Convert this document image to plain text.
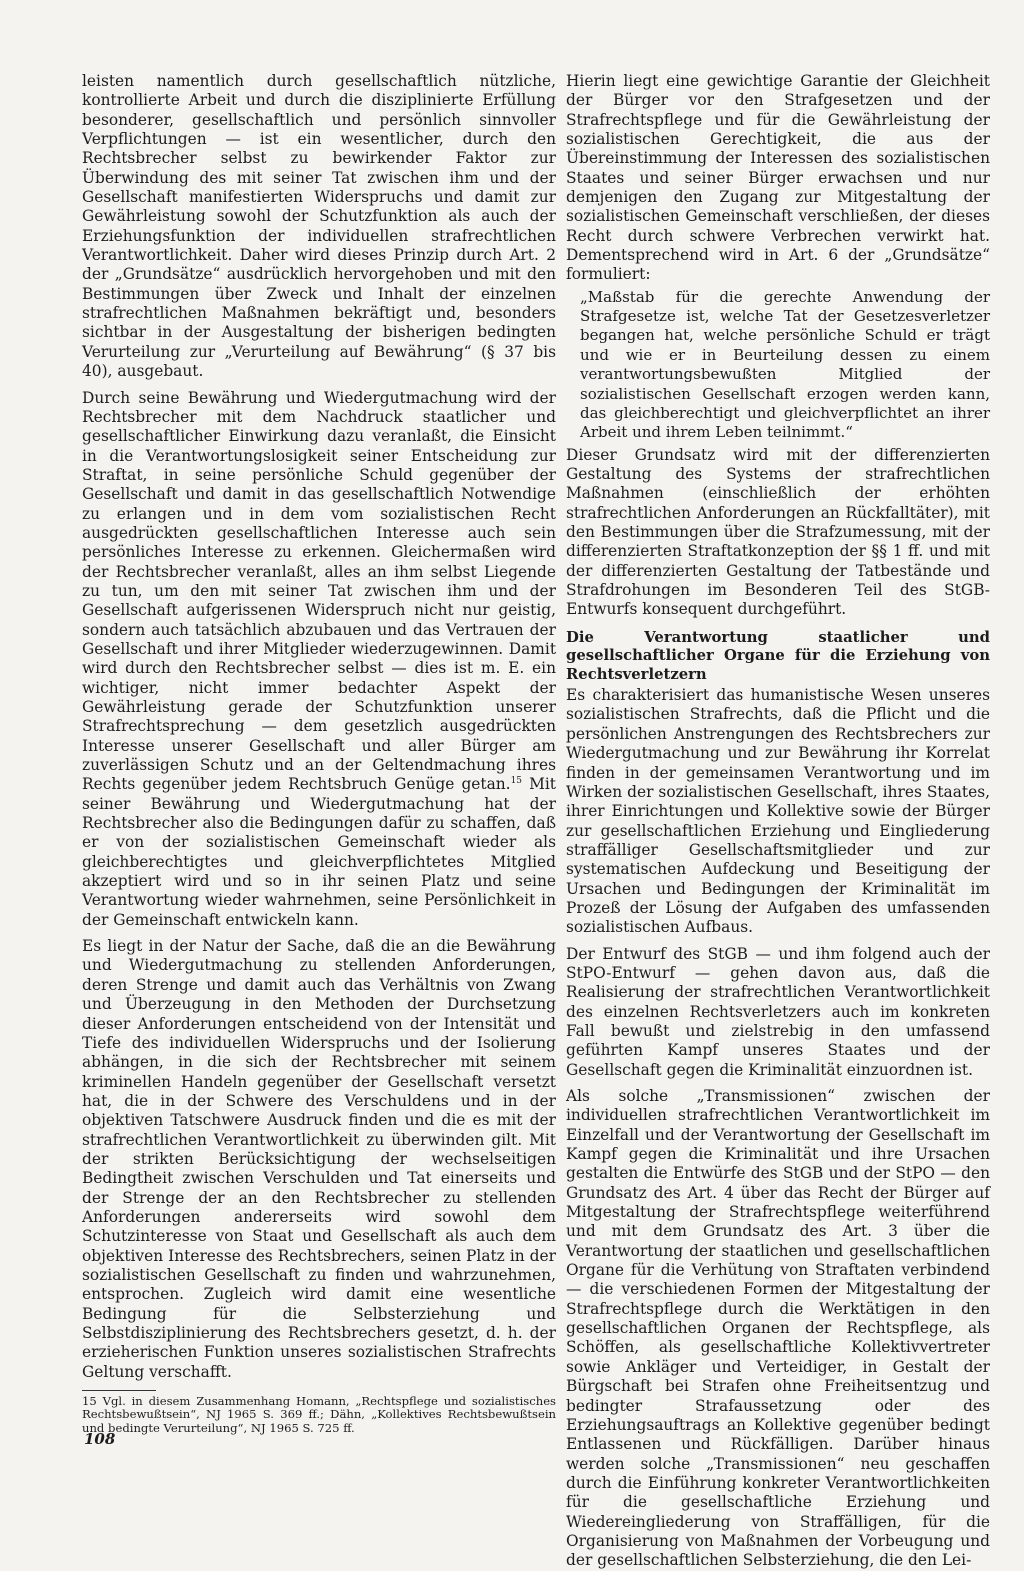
leisten namentlich durch gesellschaftlich nützliche, kontrollierte Arbeit und durch die disziplinierte Erfüllung besonderer, gesellschaftlich und persönlich sinnvoller Verpflichtungen — ist ein wesentlicher, durch den Rechtsbrecher selbst zu bewirkender Faktor zur Überwindung des mit seiner Tat zwischen ihm und der Gesellschaft manifestierten Widerspruchs und damit zur Gewährleistung sowohl der Schutzfunktion als auch der Erziehungsfunktion der individuellen strafrechtlichen Verantwortlichkeit. Daher wird dieses Prinzip durch Art. 2 der „Grundsätze“ ausdrücklich hervorgehoben und mit den Bestimmungen über Zweck und Inhalt der einzelnen strafrechtlichen Maßnahmen bekräftigt und, besonders sichtbar in der Ausgestaltung der bisherigen bedingten Verurteilung zur „Verurteilung auf Bewährung“ (§ 37 bis 40), ausgebaut.

Durch seine Bewährung und Wiedergutmachung wird der Rechtsbrecher mit dem Nachdruck staatlicher und gesellschaftlicher Einwirkung dazu veranlaßt, die Einsicht in die Verantwortungslosigkeit seiner Entscheidung zur Straftat, in seine persönliche Schuld gegenüber der Gesellschaft und damit in das gesellschaftlich Notwendige zu erlangen und in dem vom sozialistischen Recht ausgedrückten gesellschaftlichen Interesse auch sein persönliches Interesse zu erkennen. Gleichermaßen wird der Rechtsbrecher veranlaßt, alles an ihm selbst Liegende zu tun, um den mit seiner Tat zwischen ihm und der Gesellschaft aufgerissenen Widerspruch nicht nur geistig, sondern auch tatsächlich abzubauen und das Vertrauen der Gesellschaft und ihrer Mitglieder wiederzugewinnen. Damit wird durch den Rechtsbrecher selbst — dies ist m. E. ein wichtiger, nicht immer bedachter Aspekt der Gewährleistung gerade der Schutzfunktion unserer Strafrechtsprechung — dem gesetzlich ausgedrückten Interesse unserer Gesellschaft und aller Bürger am zuverlässigen Schutz und an der Geltendmachung ihres Rechts gegenüber jedem Rechtsbruch Genüge getan.$^{15}$ Mit seiner Bewährung und Wiedergutmachung hat der Rechtsbrecher also die Bedingungen dafür zu schaffen, daß er von der sozialistischen Gemeinschaft wieder als gleichberechtigtes und gleichverpflichtetes Mitglied akzeptiert wird und so in ihr seinen Platz und seine Verantwortung wieder wahrnehmen, seine Persönlichkeit in der Gemeinschaft entwickeln kann.

Es liegt in der Natur der Sache, daß die an die Bewährung und Wiedergutmachung zu stellenden Anforderungen, deren Strenge und damit auch das Verhältnis von Zwang und Überzeugung in den Methoden der Durchsetzung dieser Anforderungen entscheidend von der Intensität und Tiefe des individuellen Widerspruchs und der Isolierung abhängen, in die sich der Rechtsbrecher mit seinem kriminellen Handeln gegenüber der Gesellschaft versetzt hat, die in der Schwere des Verschuldens und in der objektiven Tatschwere Ausdruck finden und die es mit der strafrechtlichen Verantwortlichkeit zu überwinden gilt. Mit der strikten Berücksichtigung der wechselseitigen Bedingtheit zwischen Verschulden und Tat einerseits und der Strenge der an den Rechtsbrecher zu stellenden Anforderungen andererseits wird sowohl dem Schutzinteresse von Staat und Gesellschaft als auch dem objektiven Interesse des Rechtsbrechers, seinen Platz in der sozialistischen Gesellschaft zu finden und wahrzunehmen, entsprochen. Zugleich wird damit eine wesentliche Bedingung für die Selbsterziehung und Selbstdisziplinierung des Rechtsbrechers gesetzt, d. h. der erzieherischen Funktion unseres sozialistischen Strafrechts Geltung verschafft.

15 Vgl. in diesem Zusammenhang Homann, „Rechtspflege und sozialistisches Rechtsbewußtsein“, NJ 1965 S. 369 ff.; Dähn, „Kollektives Rechtsbewußtsein und bedingte Verurteilung“, NJ 1965 S. 725 ff.

Hierin liegt eine gewichtige Garantie der Gleichheit der Bürger vor den Strafgesetzen und der Strafrechtspflege und für die Gewährleistung der sozialistischen Gerechtigkeit, die aus der Übereinstimmung der Interessen des sozialistischen Staates und seiner Bürger erwachsen und nur demjenigen den Zugang zur Mitgestaltung der sozialistischen Gemeinschaft verschließen, der dieses Recht durch schwere Verbrechen verwirkt hat. Dementsprechend wird in Art. 6 der „Grundsätze“ formuliert:

„Maßstab für die gerechte Anwendung der Strafgesetze ist, welche Tat der Gesetzesverletzer begangen hat, welche persönliche Schuld er trägt und wie er in Beurteilung dessen zu einem verantwortungsbewußten Mitglied der sozialistischen Gesellschaft erzogen werden kann, das gleichberechtigt und gleichverpflichtet an ihrer Arbeit und ihrem Leben teilnimmt.“

Dieser Grundsatz wird mit der differenzierten Gestaltung des Systems der strafrechtlichen Maßnahmen (einschließlich der erhöhten strafrechtlichen Anforderungen an Rückfalltäter), mit den Bestimmungen über die Strafzumessung, mit der differenzierten Straftatkonzeption der §§ 1 ff. und mit der differenzierten Gestaltung der Tatbestände und Strafdrohungen im Besonderen Teil des StGB-Entwurfs konsequent durchgeführt.

Die Verantwortung staatlicher und gesellschaftlicher Organe für die Erziehung von Rechtsverletzern

Es charakterisiert das humanistische Wesen unseres sozialistischen Strafrechts, daß die Pflicht und die persönlichen Anstrengungen des Rechtsbrechers zur Wiedergutmachung und zur Bewährung ihr Korrelat finden in der gemeinsamen Verantwortung und im Wirken der sozialistischen Gesellschaft, ihres Staates, ihrer Einrichtungen und Kollektive sowie der Bürger zur gesellschaftlichen Erziehung und Eingliederung straffälliger Gesellschaftsmitglieder und zur systematischen Aufdeckung und Beseitigung der Ursachen und Bedingungen der Kriminalität im Prozeß der Lösung der Aufgaben des umfassenden sozialistischen Aufbaus.

Der Entwurf des StGB — und ihm folgend auch der StPO-Entwurf — gehen davon aus, daß die Realisierung der strafrechtlichen Verantwortlichkeit des einzelnen Rechtsverletzers auch im konkreten Fall bewußt und zielstrebig in den umfassend geführten Kampf unseres Staates und der Gesellschaft gegen die Kriminalität einzuordnen ist.

Als solche „Transmissionen“ zwischen der individuellen strafrechtlichen Verantwortlichkeit im Einzelfall und der Verantwortung der Gesellschaft im Kampf gegen die Kriminalität und ihre Ursachen gestalten die Entwürfe des StGB und der StPO — den Grundsatz des Art. 4 über das Recht der Bürger auf Mitgestaltung der Strafrechtspflege weiterführend und mit dem Grundsatz des Art. 3 über die Verantwortung der staatlichen und gesellschaftlichen Organe für die Verhütung von Straftaten verbindend — die verschiedenen Formen der Mitgestaltung der Strafrechtspflege durch die Werktätigen in den gesellschaftlichen Organen der Rechtspflege, als Schöffen, als gesellschaftliche Kollektivvertreter sowie Ankläger und Verteidiger, in Gestalt der Bürgschaft bei Strafen ohne Freiheitsentzug und bedingter Strafaussetzung oder des Erziehungsauftrags an Kollektive gegenüber bedingt Entlassenen und Rückfälligen. Darüber hinaus werden solche „Transmissionen“ neu geschaffen durch die Einführung konkreter Verantwortlichkeiten für die gesellschaftliche Erziehung und Wiedereingliederung von Straffälligen, für die Organisierung von Maßnahmen der Vorbeugung und der gesellschaftlichen Selbsterziehung, die den Lei-

108
